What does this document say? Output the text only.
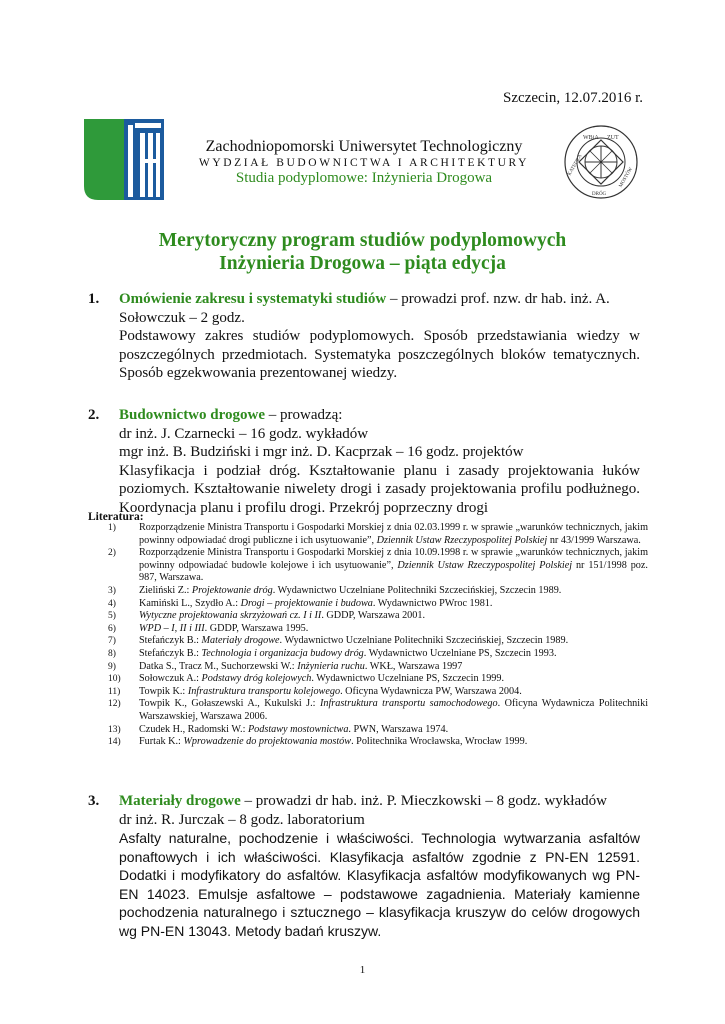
Szczecin, 12.07.2016 r.
Zachodniopomorski Uniwersytet Technologiczny
WYDZIAŁ BUDOWNICTWA I ARCHITEKTURY
Studia podyplomowe: Inżynieria Drogowa
WBiA ZUT
KATEDRA
DRÓG
MOSTÓW
Merytoryczny program studiów podyplomowych
Inżynieria Drogowa – piąta edycja
1. Omówienie zakresu i systematyki studiów – prowadzi prof. nzw. dr hab. inż. A. Sołowczuk – 2 godz.
Podstawowy zakres studiów podyplomowych. Sposób przedstawiania wiedzy w poszczególnych przedmiotach. Systematyka poszczególnych bloków tematycznych. Sposób egzekwowania prezentowanej wiedzy.
2. Budownictwo drogowe – prowadzą:
dr inż. J. Czarnecki – 16 godz. wykładów
mgr inż. B. Budziński i mgr inż. D. Kacprzak – 16 godz. projektów
Klasyfikacja i podział dróg. Kształtowanie planu i zasady projektowania łuków poziomych. Kształtowanie niwelety drogi i zasady projektowania profilu podłużnego. Koordynacja planu i profilu drogi. Przekrój poprzeczny drogi
Literatura:
1) Rozporządzenie Ministra Transportu i Gospodarki Morskiej z dnia 02.03.1999 r. w sprawie „warunków technicznych, jakim powinny odpowiadać drogi publiczne i ich usytuowanie”, Dziennik Ustaw Rzeczypospolitej Polskiej nr 43/1999 Warszawa.
2) Rozporządzenie Ministra Transportu i Gospodarki Morskiej z dnia 10.09.1998 r. w sprawie „warunków technicznych, jakim powinny odpowiadać budowle kolejowe i ich usytuowanie”, Dziennik Ustaw Rzeczypospolitej Polskiej nr 151/1998 poz. 987, Warszawa.
3) Zieliński Z.: Projektowanie dróg. Wydawnictwo Uczelniane Politechniki Szczecińskiej, Szczecin 1989.
4) Kamiński L., Szydło A.: Drogi – projektowanie i budowa. Wydawnictwo PWroc 1981.
5) Wytyczne projektowania skrzyżowań cz. I i II. GDDP, Warszawa 2001.
6) WPD – I, II i III. GDDP, Warszawa 1995.
7) Stefańczyk B.: Materiały drogowe. Wydawnictwo Uczelniane Politechniki Szczecińskiej, Szczecin 1989.
8) Stefańczyk B.: Technologia i organizacja budowy dróg. Wydawnictwo Uczelniane PS, Szczecin 1993.
9) Datka S., Tracz M., Suchorzewski W.: Inżynieria ruchu. WKŁ, Warszawa 1997
10) Sołowczuk A.: Podstawy dróg kolejowych. Wydawnictwo Uczelniane PS, Szczecin 1999.
11) Towpik K.: Infrastruktura transportu kolejowego. Oficyna Wydawnicza PW, Warszawa 2004.
12) Towpik K., Gołaszewski A., Kukulski J.: Infrastruktura transportu samochodowego. Oficyna Wydawnicza Politechniki Warszawskiej, Warszawa 2006.
13) Czudek H., Radomski W.: Podstawy mostownictwa. PWN, Warszawa 1974.
14) Furtak K.: Wprowadzenie do projektowania mostów. Politechnika Wrocławska, Wrocław 1999.
3. Materiały drogowe – prowadzi dr hab. inż. P. Mieczkowski – 8 godz. wykładów
dr inż. R. Jurczak – 8 godz. laboratorium
Asfalty naturalne, pochodzenie i właściwości. Technologia wytwarzania asfaltów ponaftowych i ich właściwości. Klasyfikacja asfaltów zgodnie z PN-EN 12591. Dodatki i modyfikatory do asfaltów. Klasyfikacja asfaltów modyfikowanych wg PN-EN 14023. Emulsje asfaltowe – podstawowe zagadnienia. Materiały kamienne pochodzenia naturalnego i sztucznego – klasyfikacja kruszyw do celów drogowych wg PN-EN 13043. Metody badań kruszyw.
1
